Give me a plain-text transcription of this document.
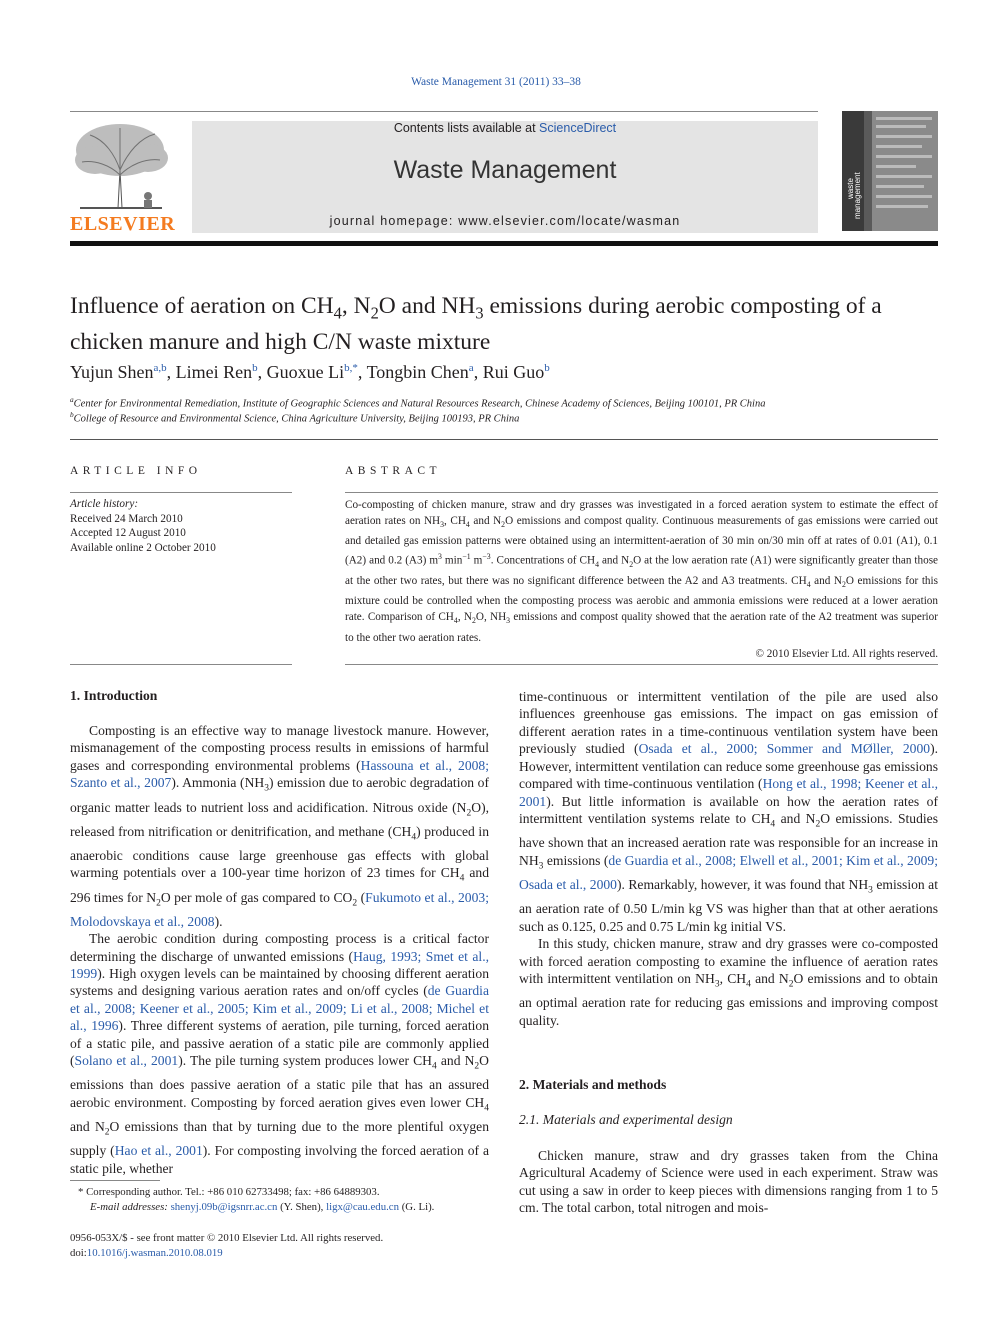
Waste Management 31 (2011) 33–38
ELSEVIER
Contents lists available at ScienceDirect
Waste Management
journal homepage: www.elsevier.com/locate/wasman
waste
management
Influence of aeration on $CH_4$, $N_2O$ and $NH_3$ emissions during aerobic composting of a chicken manure and high C/N waste mixture
Yujun Shen$^{a,b}$, Limei Ren$^b$, Guoxue $Li^{b,*}$, Tongbin Chen$^a$, Rui Guo$^b$
$^a$Center for Environmental Remediation, Institute of Geographic Sciences and Natural Resources Research, Chinese Academy of Sciences, Beijing 100101, PR China
$^b$College of Resource and Environmental Science, China Agriculture University, Beijing 100193, PR China
ARTICLE INFO
Article history:
Received 24 March 2010
Accepted 12 August 2010
Available online 2 October 2010
ABSTRACT
Co-composting of chicken manure, straw and dry grasses was investigated in a forced aeration system to estimate the effect of aeration rates on $NH_3$, $CH_4$ and $N_2O$ emissions and compost quality. Continuous measurements of gas emissions were carried out and detailed gas emission patterns were obtained using an intermittent-aeration of 30 min on/30 min off at rates of 0.01 (A1), 0.1 (A2) and 0.2 (A3) $m^3$ $\min^{-1} m^{-3}$. Concentrations of $CH_4$ and $N_2O$ at the low aeration rate (A1) were significantly greater than those at the other two rates, but there was no significant difference between the A2 and A3 treatments. $CH_4$ and $N_2O$ emissions for this mixture could be controlled when the composting process was aerobic and ammonia emissions were reduced at a lower aeration rate. Comparison of $CH_4$, $N_2O$, $NH_3$ emissions and compost quality showed that the aeration rate of the A2 treatment was superior to the other two aeration rates.
© 2010 Elsevier Ltd. All rights reserved.
1. Introduction

Composting is an effective way to manage livestock manure. However, mismanagement of the composting process results in emissions of harmful gases and corresponding environmental problems (Hassouna et al., 2008; Szanto et al., 2007). Ammonia $(NH_3)$ emission due to aerobic degradation of organic matter leads to nutrient loss and acidification. Nitrous oxide $(N_2O)$, released from nitrification or denitrification, and methane $(CH_4)$ produced in anaerobic conditions cause large greenhouse gas effects with global warming potentials over a 100-year time horizon of 23 times for $CH_4$ and 296 times for $N_2O$ per mole of gas compared to $CO_2$ (Fukumoto et al., 2003; Molodovskaya et al., 2008).

The aerobic condition during composting process is a critical factor determining the discharge of unwanted emissions (Haug, 1993; Smet et al., 1999). High oxygen levels can be maintained by choosing different aeration systems and designing various aeration rates and on/off cycles (de Guardia et al., 2008; Keener et al., 2005; Kim et al., 2009; Li et al., 2008; Michel et al., 1996). Three different systems of aeration, pile turning, forced aeration of a static pile, and passive aeration of a static pile are commonly applied (Solano et al., 2001). The pile turning system produces lower $CH_4$ and $N_2O$ emissions than does passive aeration of a static pile that has an assured aerobic environment. Composting by forced aeration gives even lower $CH_4$ and $N_2O$ emissions than that by turning due to the more plentiful oxygen supply (Hao et al., 2001). For composting involving the forced aeration of a static pile, whether

* Corresponding author. Tel.: +86 010 62733498; fax: +86 64889303.
E-mail addresses: shenyj.09b@igsnrr.ac.cn (Y. Shen), ligx@cau.edu.cn (G. Li).
0956-053X/$ - see front matter © 2010 Elsevier Ltd. All rights reserved.
doi:10.1016/j.wasman.2010.08.019

time-continuous or intermittent ventilation of the pile are used also influences greenhouse gas emissions. The impact on gas emission of different aeration rates in a time-continuous ventilation system have been previously studied (Osada et al., 2000; Sommer and MØller, 2000). However, intermittent ventilation can reduce some greenhouse gas emissions compared with time-continuous ventilation (Hong et al., 1998; Keener et al., 2001). But little information is available on how the aeration rates of intermittent ventilation systems relate to $CH_4$ and $N_2O$ emissions. Studies have shown that an increased aeration rate was responsible for an increase in $NH_3$ emissions (de Guardia et al., 2008; Elwell et al., 2001; Kim et al., 2009; Osada et al., 2000). Remarkably, however, it was found that $NH_3$ emission at an aeration rate of 0.50 L/min kg VS was higher than that at other aerations such as 0.125, 0.25 and 0.75 L/min kg initial VS.

In this study, chicken manure, straw and dry grasses were co-composted with forced aeration composting to examine the influence of aeration rates with intermittent ventilation on $NH_3$, $CH_4$ and $N_2O$ emissions and to obtain an optimal aeration rate for reducing gas emissions and improving compost quality.

2. Materials and methods
2.1. Materials and experimental design

Chicken manure, straw and dry grasses taken from the China Agricultural Academy of Science were used in each experiment. Straw was cut using a saw in order to keep pieces with dimensions ranging from 1 to 5 cm. The total carbon, total nitrogen and mois-
